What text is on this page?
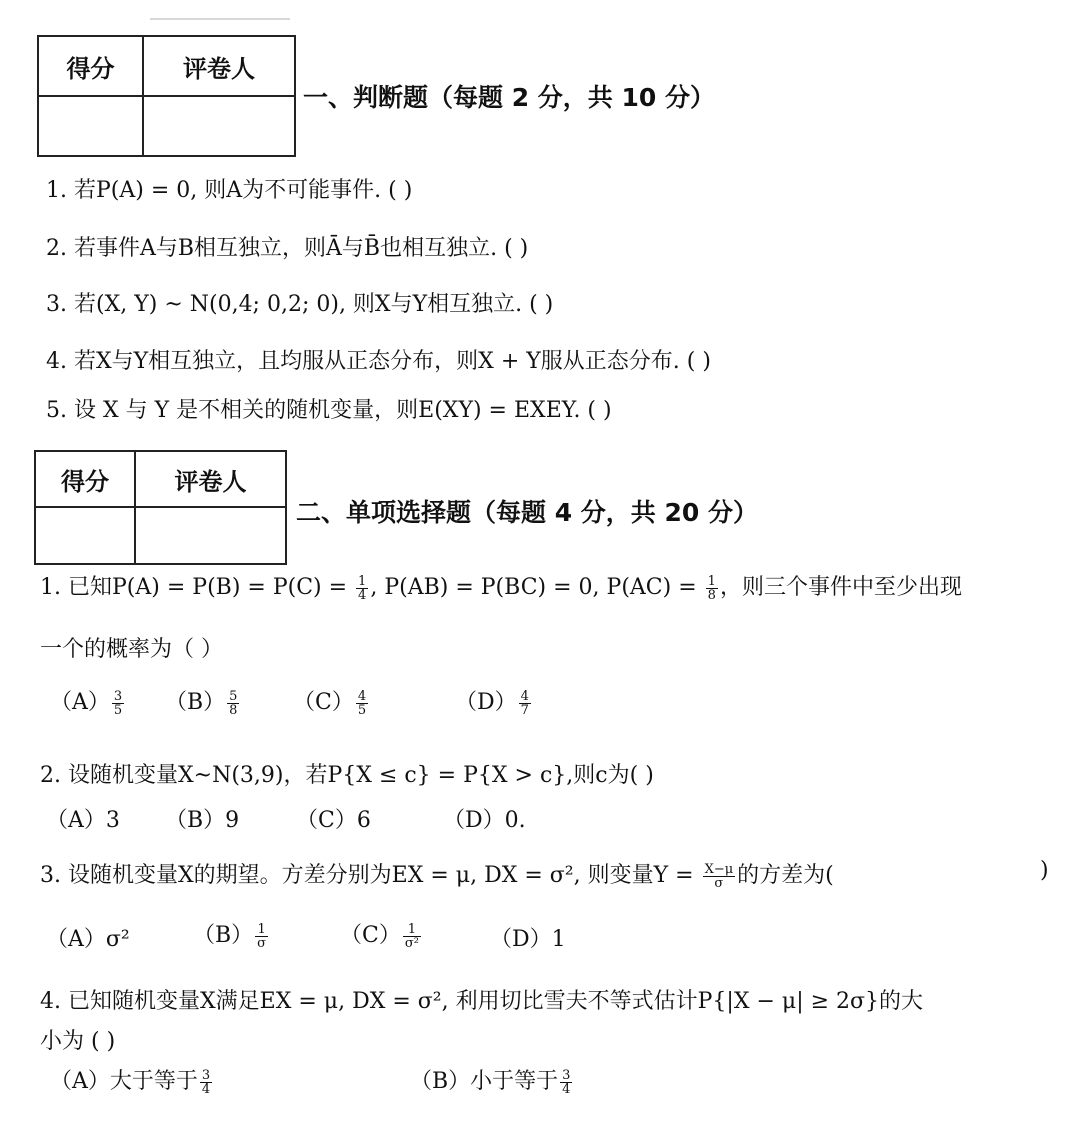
得分	评卷人

一、判断题（每题 2 分，共 10 分）
1. 若P(A) = 0, 则A为不可能事件. ( )
2. 若事件A与B相互独立，则Ā与B̄也相互独立. ( )
3. 若(X, Y) ~ N(0,4; 0,2; 0), 则X与Y相互独立. ( )
4. 若X与Y相互独立，且均服从正态分布，则X + Y服从正态分布. ( )
5. 设 X 与 Y 是不相关的随机变量，则E(XY) = EXEY. ( )
得分	评卷人

二、单项选择题（每题 4 分，共 20 分）
1. 已知$P(A) = P(B) = P(C) = \frac{1}{4}$ , P(AB) = P(BC) = 0, $P(AC) = \frac{1}{8}$ ，则三个事件中至少出现
一个的概率为（ ）
$(A) \frac{3}{5} (B) \frac{5}{8} (C) \frac{4}{5}$	$(D) \frac{4}{7}$
2. 设随机变量X~N(3,9)，若P{X ≤ c} = P{X > c},则c为( )
（A）3 （B）9	（C）6	（D）0.
3. 设随机变量X的期望。方差分别为EX = μ, DX = σ², 则变量$Y = \frac{X-\mu}{\sigma}$ 的方差为(	)
（A）σ²	$(B) \frac{1}{\sigma}$	$(C) \frac{1}{\text{σ²}}$	（D）1
4. 已知随机变量X满足EX = μ, DX = σ², 利用切比雪夫不等式估计P{|X − μ| ≥ 2σ}的大
小为 ( )
（A）大于等于 $\frac{3}{4}$	（B）小于等于 $\frac{3}{4}$
